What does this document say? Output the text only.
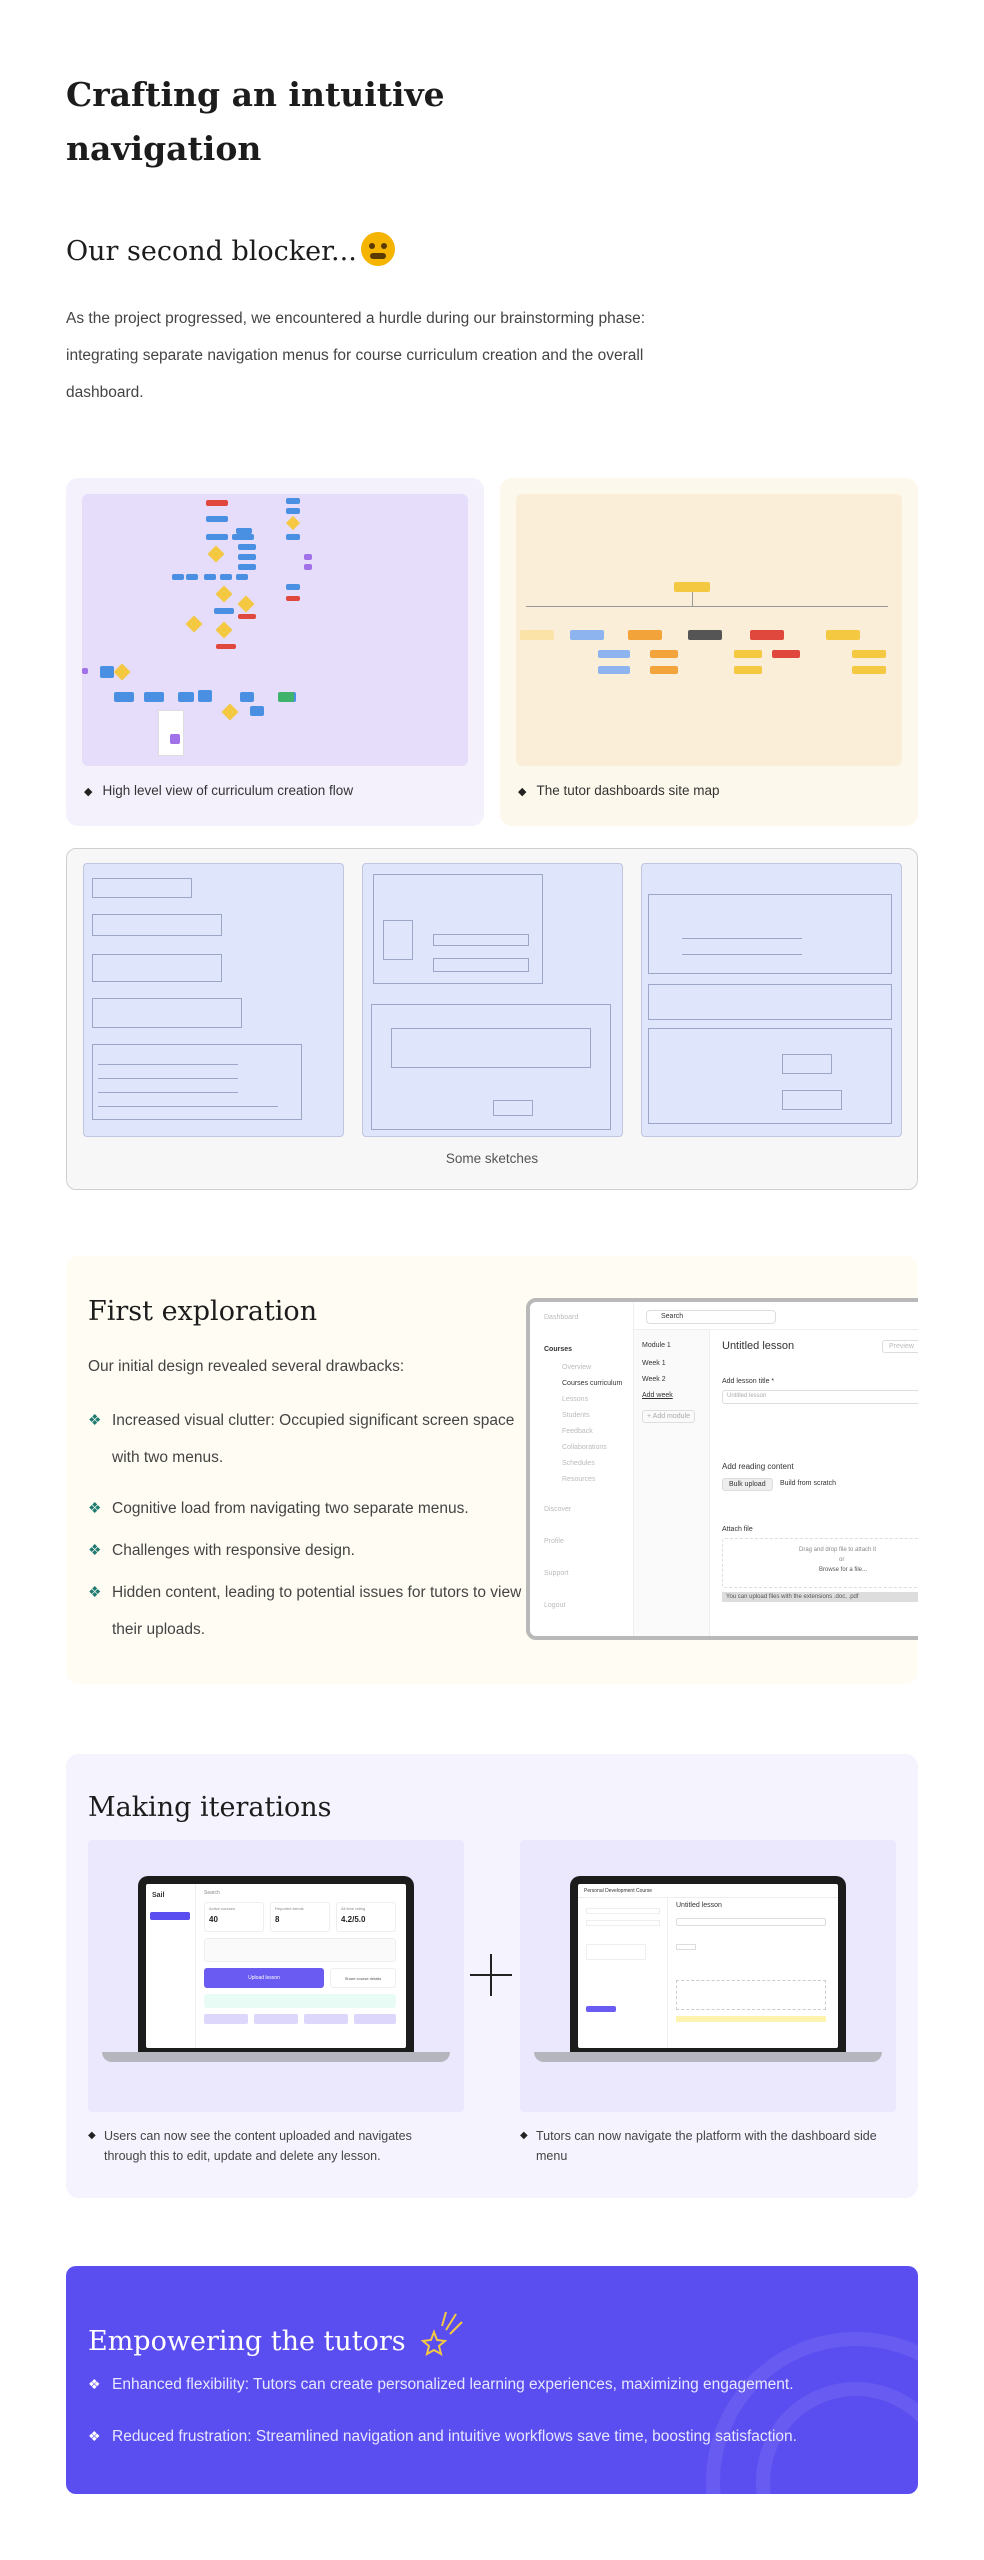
Crafting an intuitive navigation
Our second blocker...
As the project progressed, we encountered a hurdle during our brainstorming phase: integrating separate navigation menus for course curriculum creation and the overall dashboard.
◆ High level view of curriculum creation flow
◆	The tutor dashboards site map
Some sketches
First exploration
Our initial design revealed several drawbacks:
❖ Increased visual clutter: Occupied significant screen space with two menus.
❖ Cognitive load from navigating two separate menus.
❖ Challenges with responsive design.
❖ Hidden content, leading to potential issues for tutors to view their uploads.
Dashboard
Courses
Overview
Courses curriculum
Lessons
Students
Feedback
Collaborations
Schedules
Resources
Discover
Profile
Support
Logout
Search
Module 1
Week 1
Week 2
Add week
+ Add module
Untitled lesson	Preview
Add lesson title *
Untitled lesson
Add reading content
Bulk upload	Build from scratch
Attach file
Drag and drop file to attach it
or
Browse for a file...
You can upload files with the extensions .doc, .pdf
Making iterations
Sail	Search
Active courses
40
Reported trends
8
All time rating
4.2/5.0
Upload lesson	Share course details
Personal Development Course
Untitled lesson
◆ Users can now see the content uploaded and navigates through this to edit, update and delete any lesson.
◆ Tutors can now navigate the platform with the dashboard side menu
Empowering the tutors
❖ Enhanced flexibility: Tutors can create personalized learning experiences, maximizing engagement.
❖ Reduced frustration: Streamlined navigation and intuitive workflows save time, boosting satisfaction.
